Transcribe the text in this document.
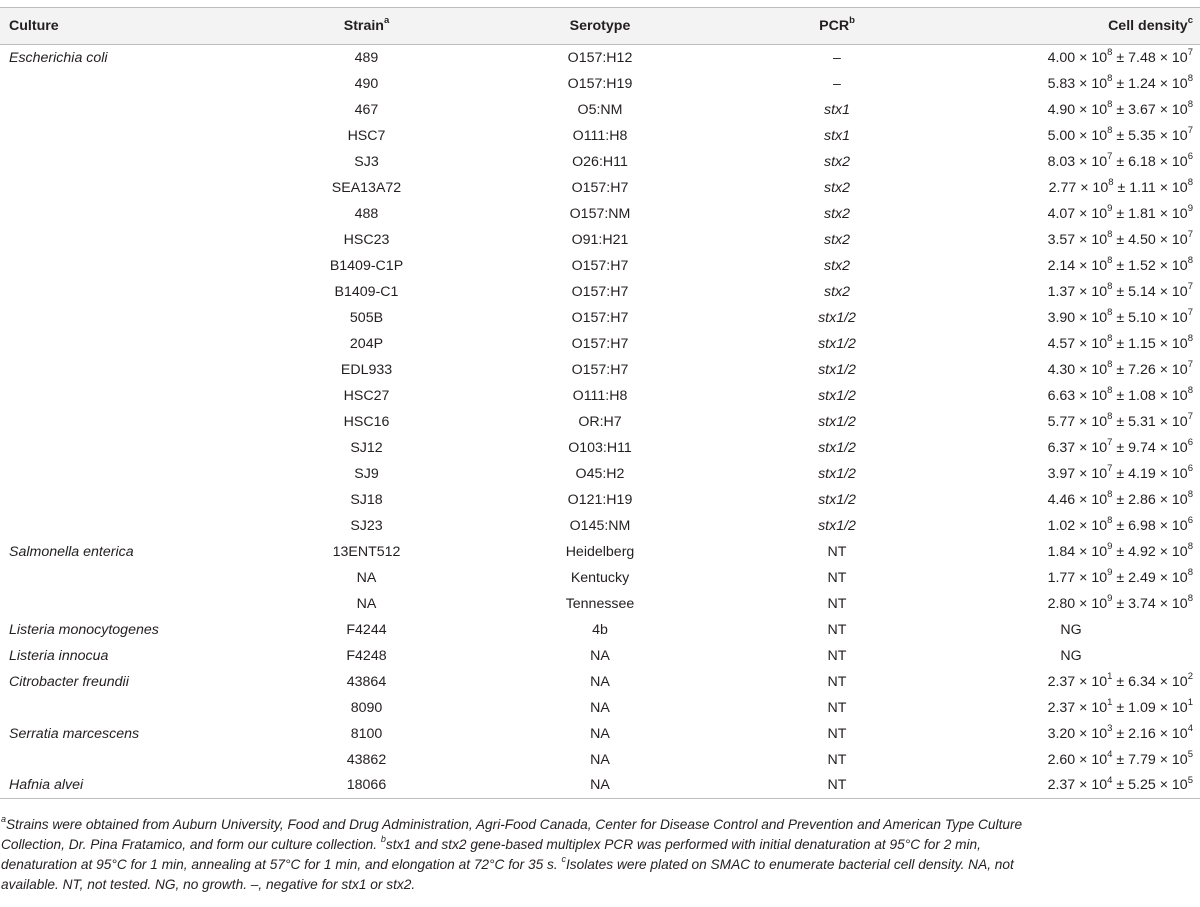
Culture	Strain$^a$	Serotype	PCR$^b$	Cell density$^c$
Escherichia coli	489	O157:H12	–	$4.00 \times 10^8 \pm 7.48 \times 10^7$
	490	O157:H19	–	$5.83 \times 10^8 \pm 1.24 \times 10^8$
	467	O5:NM	stx1	$4.90 \times 10^8 \pm 3.67 \times 10^8$
	HSC7	O111:H8	stx1	$5.00 \times 10^8 \pm 5.35 \times 10^7$
	SJ3	O26:H11	stx2	$8.03 \times 10^7 \pm 6.18 \times 10^6$
	SEA13A72	O157:H7	stx2	$2.77 \times 10^8 \pm 1.11 \times 10^8$
	488	O157:NM	stx2	$4.07 \times 10^9 \pm 1.81 \times 10^9$
	HSC23	O91:H21	stx2	$3.57 \times 10^8 \pm 4.50 \times 10^7$
	B1409-C1P	O157:H7	stx2	$2.14 \times 10^8 \pm 1.52 \times 10^8$
	B1409-C1	O157:H7	stx2	$1.37 \times 10^8 \pm 5.14 \times 10^7$
	505B	O157:H7	stx1/2	$3.90 \times 10^8 \pm 5.10 \times 10^7$
	204P	O157:H7	stx1/2	$4.57 \times 10^8 \pm 1.15 \times 10^8$
	EDL933	O157:H7	stx1/2	$4.30 \times 10^8 \pm 7.26 \times 10^7$
	HSC27	O111:H8	stx1/2	$6.63 \times 10^8 \pm 1.08 \times 10^8$
	HSC16	OR:H7	stx1/2	$5.77 \times 10^8 \pm 5.31 \times 10^7$
	SJ12	O103:H11	stx1/2	$6.37 \times 10^7 \pm 9.74 \times 10^6$
	SJ9	O45:H2	stx1/2	$3.97 \times 10^7 \pm 4.19 \times 10^6$
	SJ18	O121:H19	stx1/2	$4.46 \times 10^8 \pm 2.86 \times 10^8$
	SJ23	O145:NM	stx1/2	$1.02 \times 10^8 \pm 6.98 \times 10^6$
Salmonella enterica	13ENT512	Heidelberg	NT	$1.84 \times 10^9 \pm 4.92 \times 10^8$
	NA	Kentucky	NT	$1.77 \times 10^9 \pm 2.49 \times 10^8$
	NA	Tennessee	NT	$2.80 \times 10^9 \pm 3.74 \times 10^8$
Listeria monocytogenes	F4244	4b	NT	NG
Listeria innocua	F4248	NA	NT	NG
Citrobacter freundii	43864	NA	NT	$2.37 \times 10^1 \pm 6.34 \times 10^2$
	8090	NA	NT	$2.37 \times 10^1 \pm 1.09 \times 10^1$
Serratia marcescens	8100	NA	NT	$3.20 \times 10^3 \pm 2.16 \times 10^4$
	43862	NA	NT	$2.60 \times 10^4 \pm 7.79 \times 10^5$
Hafnia alvei	18066	NA	NT	$2.37 \times 10^4 \pm 5.25 \times 10^5$
$^a$Strains were obtained from Auburn University, Food and Drug Administration, Agri-Food Canada, Center for Disease Control and Prevention and American Type Culture
Collection, Dr. Pina Fratamico, and form our culture collection. $^b$stx1 and stx2 gene-based multiplex PCR was performed with initial denaturation at 95°C for 2 min,
denaturation at 95°C for 1 min, annealing at 57°C for 1 min, and elongation at 72°C for 35 s. $^c$Isolates were plated on SMAC to enumerate bacterial cell density. NA, not
available. NT, not tested. NG, no growth. –, negative for stx1 or stx2.
